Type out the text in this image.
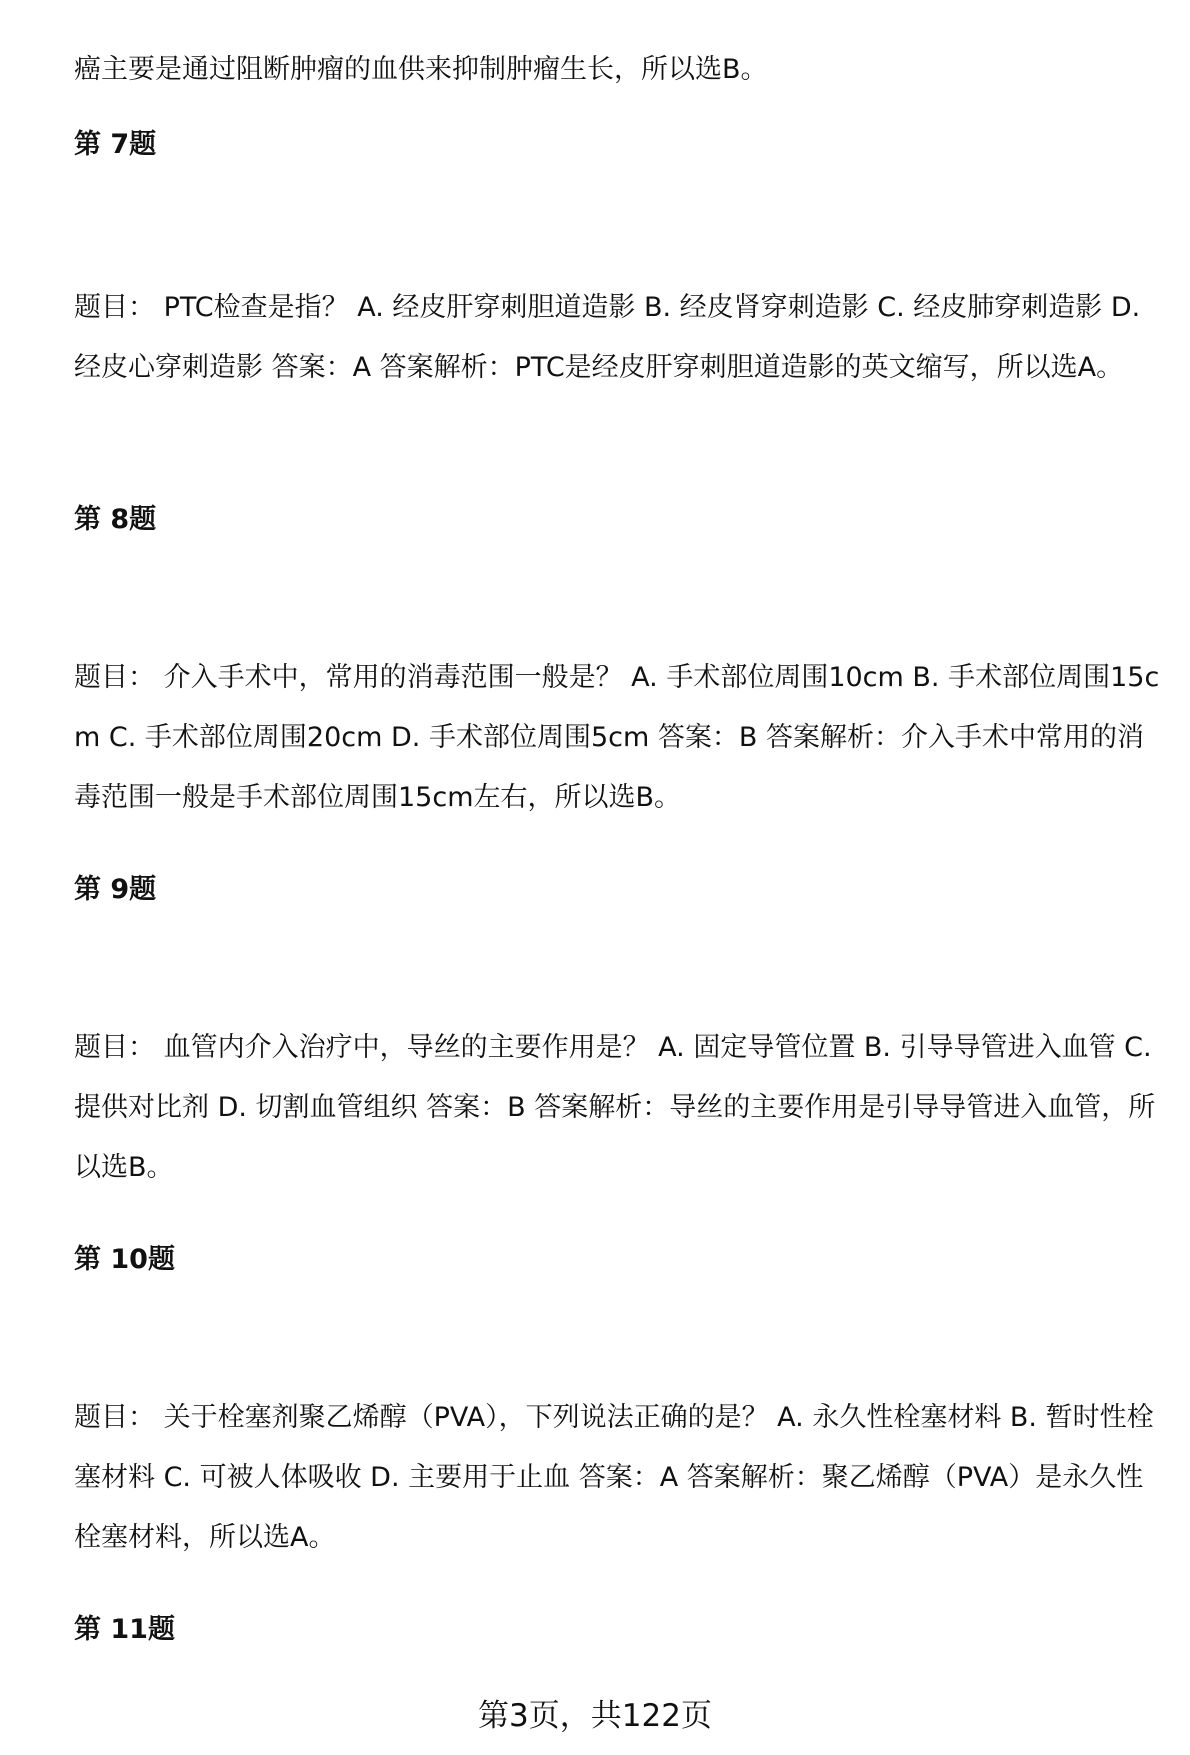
癌主要是通过阻断肿瘤的血供来抑制肿瘤生长，所以选B。

第 7题

题目： PTC检查是指？ A. 经皮肝穿刺胆道造影 B. 经皮肾穿刺造影 C. 经皮肺穿刺造影 D. 经皮心穿刺造影 答案：A 答案解析：PTC是经皮肝穿刺胆道造影的英文缩写，所以选A。

第 8题

题目： 介入手术中，常用的消毒范围一般是？ A. 手术部位周围10cm B. 手术部位周围15cm C. 手术部位周围20cm D. 手术部位周围5cm 答案：B 答案解析：介入手术中常用的消毒范围一般是手术部位周围15cm左右，所以选B。

第 9题

题目： 血管内介入治疗中，导丝的主要作用是？ A. 固定导管位置 B. 引导导管进入血管 C. 提供对比剂 D. 切割血管组织 答案：B 答案解析：导丝的主要作用是引导导管进入血管，所以选B。

第 10题

题目： 关于栓塞剂聚乙烯醇（PVA），下列说法正确的是？ A. 永久性栓塞材料 B. 暂时性栓塞材料 C. 可被人体吸收 D. 主要用于止血 答案：A 答案解析：聚乙烯醇（PVA）是永久性栓塞材料，所以选A。

第 11题
第3页，共122页
